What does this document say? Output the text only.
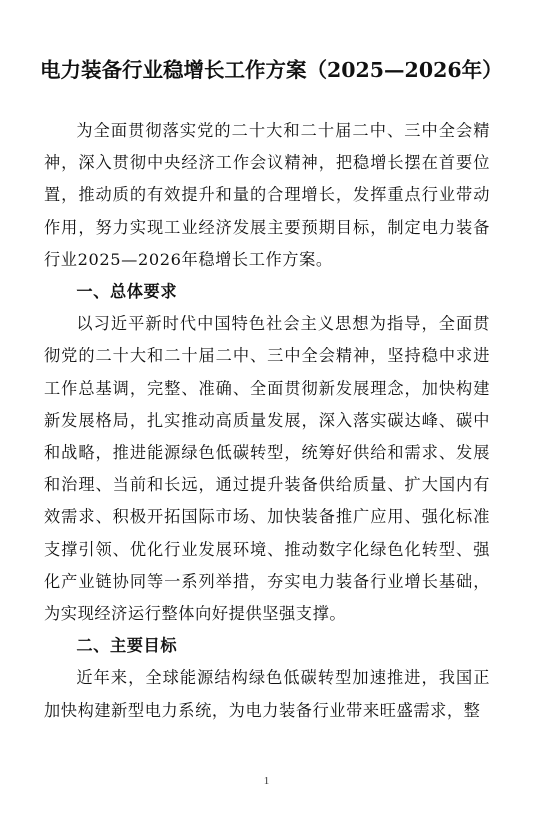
电力装备行业稳增长工作方案（2025—2026年）

为全面贯彻落实党的二十大和二十届二中、三中全会精神，深入贯彻中央经济工作会议精神，把稳增长摆在首要位置，推动质的有效提升和量的合理增长，发挥重点行业带动作用，努力实现工业经济发展主要预期目标，制定电力装备行业2025—2026年稳增长工作方案。

一、总体要求

以习近平新时代中国特色社会主义思想为指导，全面贯彻党的二十大和二十届二中、三中全会精神，坚持稳中求进工作总基调，完整、准确、全面贯彻新发展理念，加快构建新发展格局，扎实推动高质量发展，深入落实碳达峰、碳中和战略，推进能源绿色低碳转型，统筹好供给和需求、发展和治理、当前和长远，通过提升装备供给质量、扩大国内有效需求、积极开拓国际市场、加快装备推广应用、强化标准支撑引领、优化行业发展环境、推动数字化绿色化转型、强化产业链协同等一系列举措，夯实电力装备行业增长基础，为实现经济运行整体向好提供坚强支撑。

二、主要目标

近年来，全球能源结构绿色低碳转型加速推进，我国正加快构建新型电力系统，为电力装备行业带来旺盛需求，整

1
